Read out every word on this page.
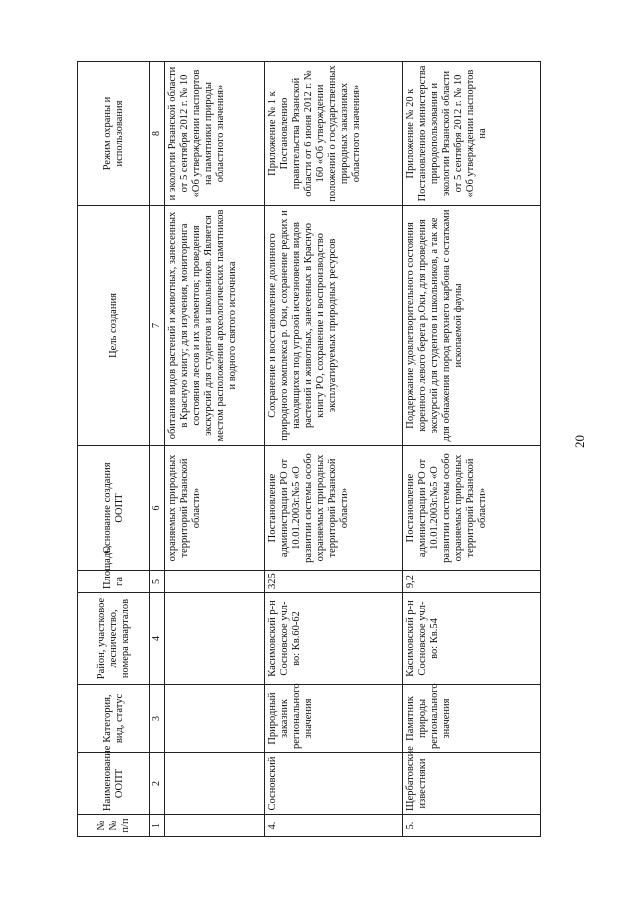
№№ п/п	Наименование ООПТ	Категория, вид, статус	Район, участковое лесничество, номера кварталов	Площадь, га	Основание создания ООПТ	Цель создания	Режим охраны и использования
1	2	3	4	5	6	7	8
					охраняемых природных территорий Рязанской области»	обитания видов растений и животных, занесенных в Красную книгу; для изучения, мониторинга состояния лесов и их элементов; проведения экскурсий для студентов и школьников. Является местом расположения археологических памятников и водного святого источника	и экологии Рязанской области от 5 сентября 2012 г. № 10 «Об утверждении паспортов на памятники природы областного значения»
4.	Сосновский	Природный заказник регионального значения	Касимовский р-н Сосновское учл-во: Кв.60-62	325	Постановление администрации РО от 10.01.2003г.№5 «О развитии системы особо охраняемых природных территорий Рязанской области»	Сохранение и восстановление долинного природного комплекса р. Оки, сохранение редких и находящихся под угрозой исчезновения видов растений и животных, занесенных в Красную книгу РО, сохранение и воспроизводство эксплуатируемых природных ресурсов	Приложение № 1 к Постановлению правительства Рязанской области от 6 июня 2012 г. № 160 «Об утверждении положений о государственных природных заказниках областного значения»
5.	Щербатовские известняки	Памятник природы регионального значения	Касимовский р-н Сосновское учл-во: Кв.54	9,2	Постановление администрации РО от 10.01.2003г.№5 «О развитии системы особо охраняемых природных территорий Рязанской области»	Поддержание удовлетворительного состояния коренного левого берега р.Оки, для проведения экскурсий для студентов и школьников, а так же для обнажения пород верхнего карбона с остатками ископаемой фауны	Приложение № 20 к Постановлению министерства природопользования и экологии Рязанской области от 5 сентября 2012 г. № 10 «Об утверждении паспортов на
20
